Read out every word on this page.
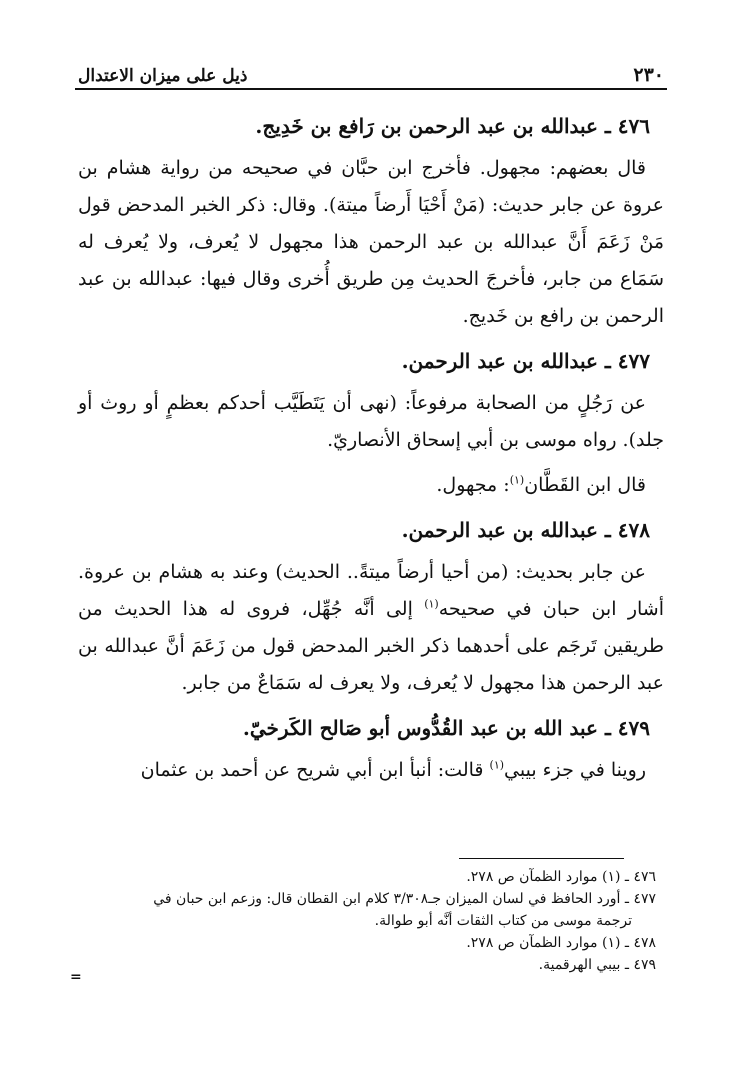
ذيل على ميزان الاعتدال	٢٣٠
٤٧٦ ـ عبدالله بن عبد الرحمن بن رَافع بن خَدِيج.

قال بعضهم: مجهول. فأخرج ابن حبَّان في صحيحه من رواية هشام بن عروة عن جابر حديث: (مَنْ أَحْيَا أَرضاً ميتة). وقال: ذكر الخبر المدحض قول مَنْ زَعَمَ أَنَّ عبدالله بن عبد الرحمن هذا مجهول لا يُعرف، ولا يُعرف له سَمَاع من جابر، فأخرجَ الحديث مِن طريق أُخرى وقال فيها: عبدالله بن عبد الرحمن بن رافع بن خَديج.

٤٧٧ ـ عبدالله بن عبد الرحمن.

عن رَجُلٍ من الصحابة مرفوعاً: (نهى أن يَتَطَيَّب أحدكم بعظمٍ أو روث أو جلد). رواه موسى بن أبي إسحاق الأنصاريّ.

قال ابن القَطَّان$^{(١)}$: مجهول.

٤٧٨ ـ عبدالله بن عبد الرحمن.

عن جابر بحديث: (من أحيا أرضاً ميتةً.. الحديث) وعند به هشام بن عروة. أشار ابن حبان في صحيحه$^{(١)}$ إلى أنَّه جُهِّل، فروى له هذا الحديث من طريقين تَرجَم على أحدهما ذكر الخبر المدحض قول من زَعَمَ أنَّ عبدالله بن عبد الرحمن هذا مجهول لا يُعرف، ولا يعرف له سَمَاعٌ من جابر.

٤٧٩ ـ عبد الله بن عبد القُدُّوس أبو صَالح الكَرخيّ.

روينا في جزء بيبي$^{(١)}$ قالت: أنبأ ابن أبي شريح عن أحمد بن عثمان

٤٧٦ ـ (١) موارد الظمآن ص ٢٧٨.

٤٧٧ ـ أورد الحافظ في لسان الميزان جـ٣/٣٠٨ كلام ابن القطان قال: وزعم ابن حبان في

ترجمة موسى من كتاب الثقات أنَّه أبو طوالة.

٤٧٨ ـ (١) موارد الظمآن ص ٢٧٨.

٤٧٩ ـ بيبي الهرقمية.

=
